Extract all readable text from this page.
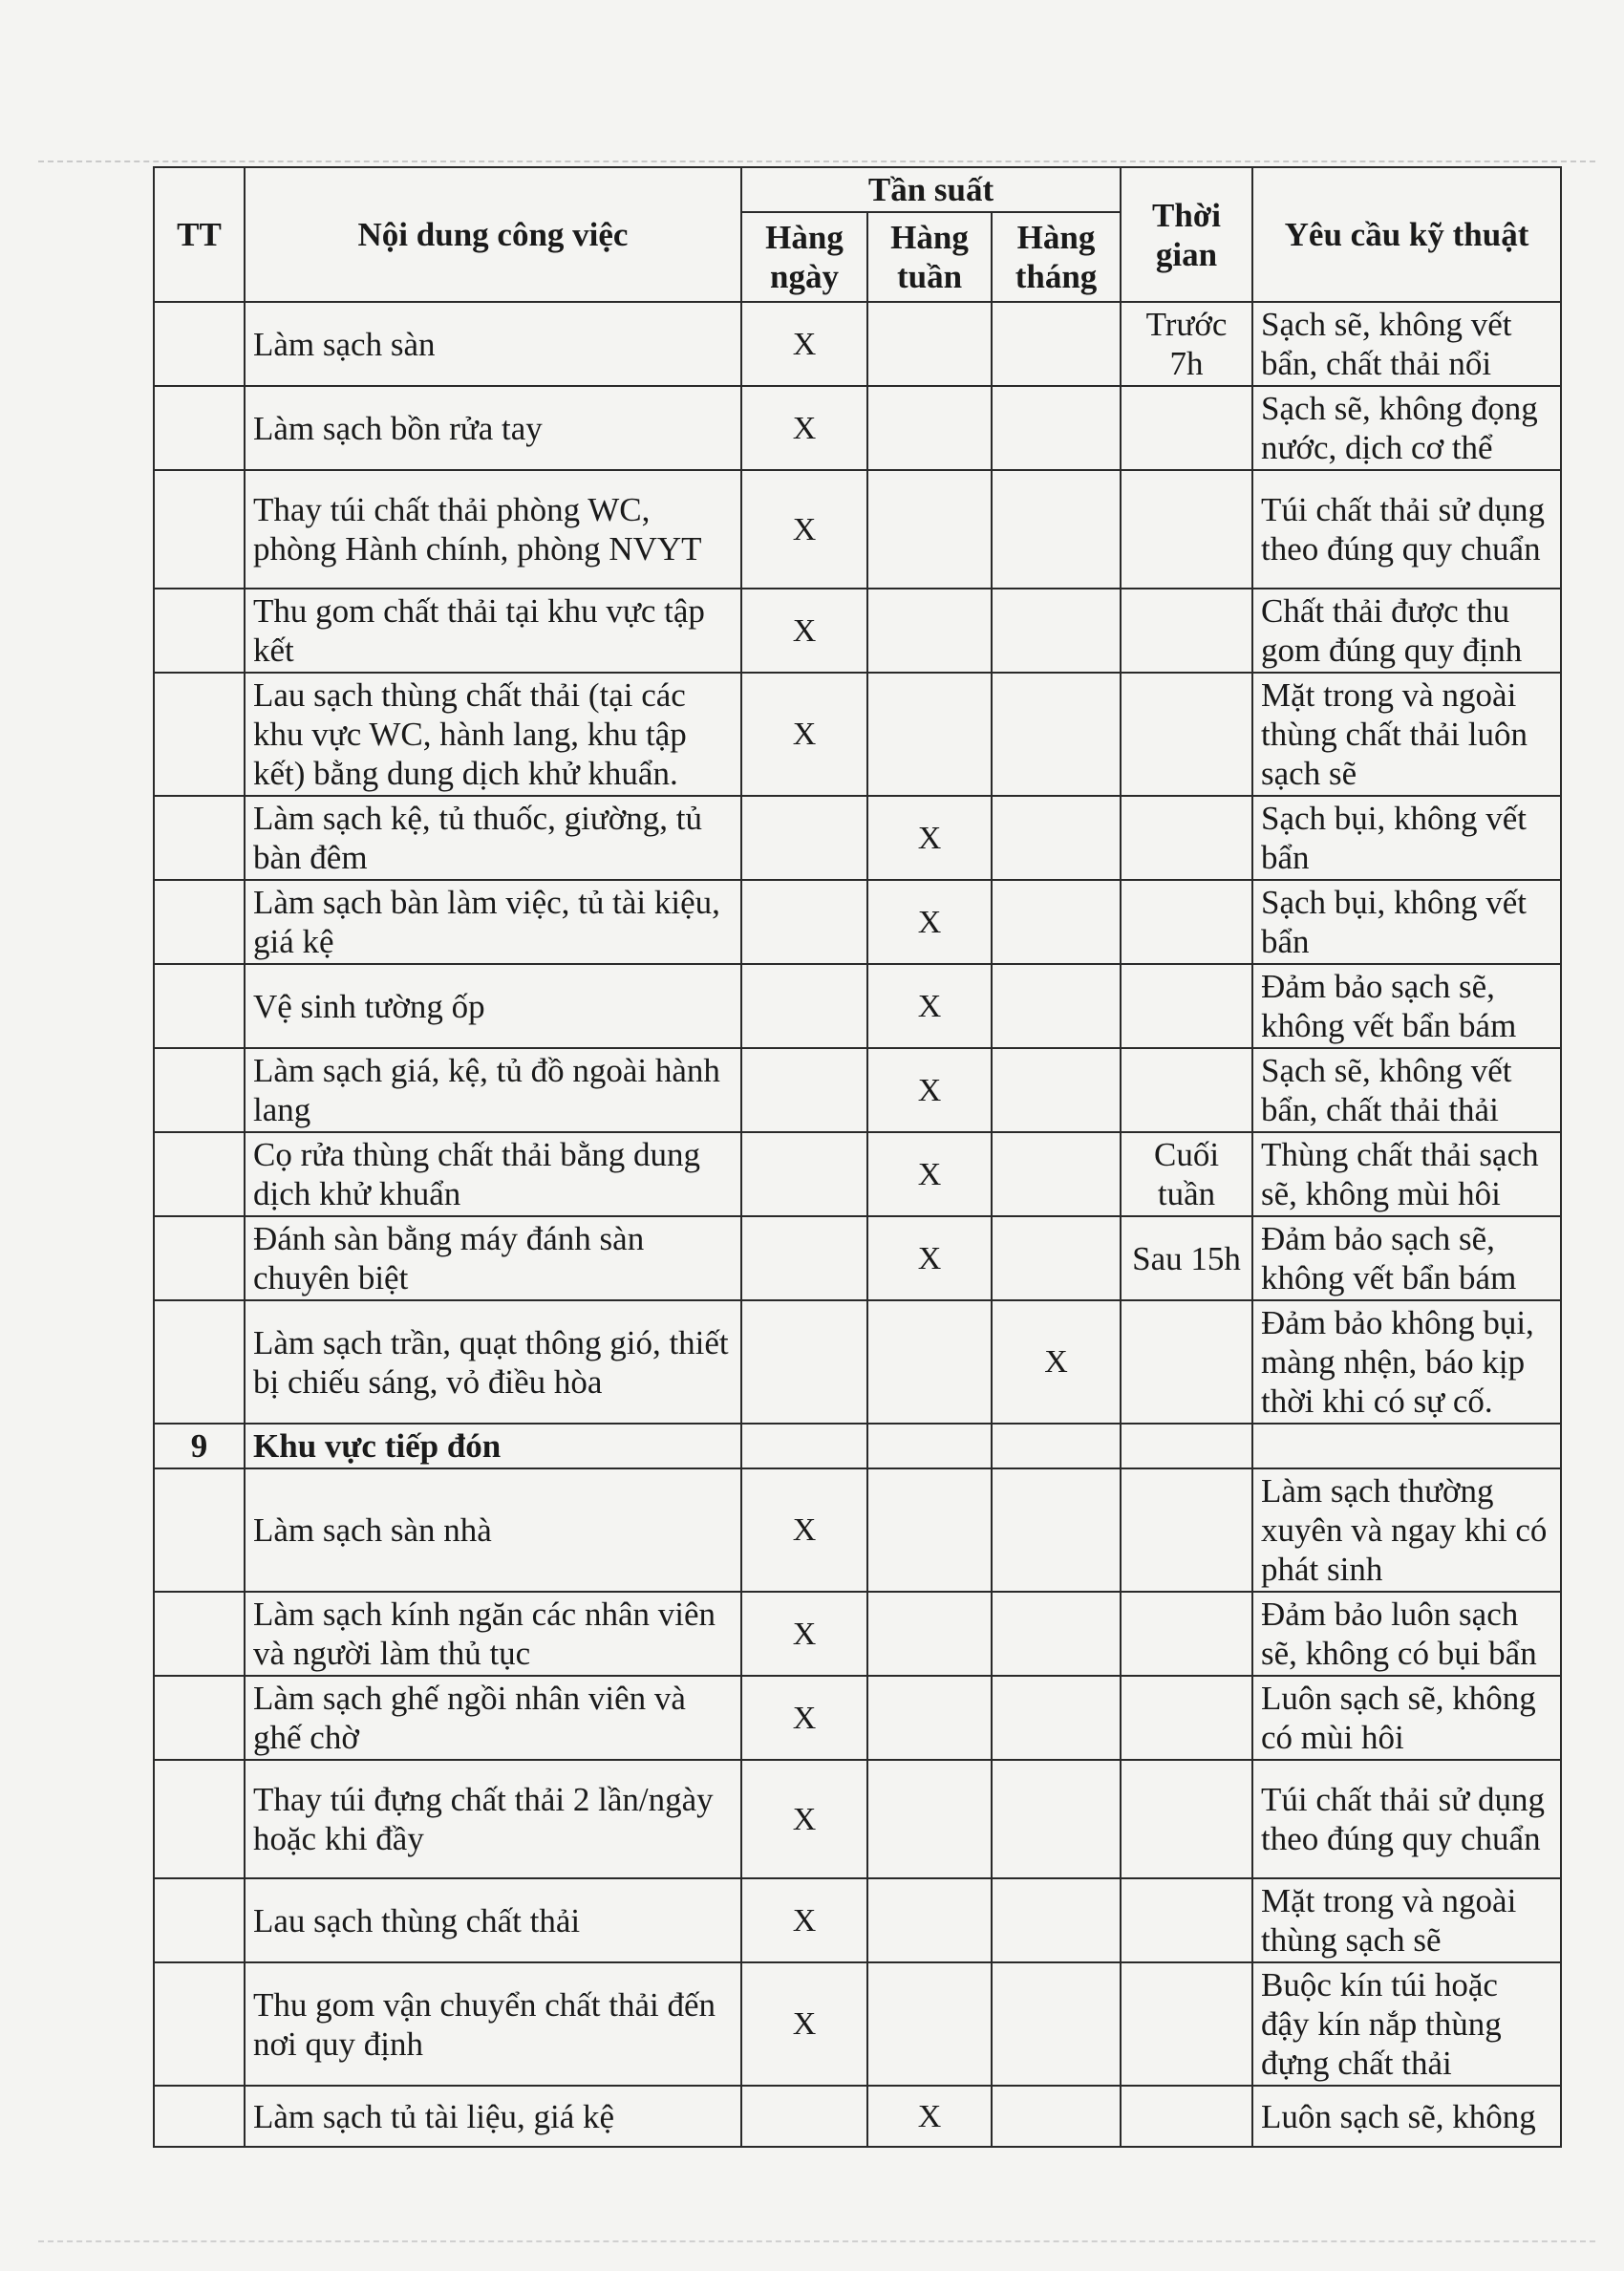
TT	Nội dung công việc	Tần suất			Thời gian	Yêu cầu kỹ thuật
		Hàng ngày	Hàng tuần	Hàng tháng		
	Làm sạch sàn	X			Trước 7h	Sạch sẽ, không vết bẩn, chất thải nổi
	Làm sạch bồn rửa tay	X				Sạch sẽ, không đọng nước, dịch cơ thể
	Thay túi chất thải phòng WC, phòng Hành chính, phòng NVYT	X				Túi chất thải sử dụng theo đúng quy chuẩn
	Thu gom chất thải tại khu vực tập kết	X				Chất thải được thu gom đúng quy định
	Lau sạch thùng chất thải (tại các khu vực WC, hành lang, khu tập kết) bằng dung dịch khử khuẩn.	X				Mặt trong và ngoài thùng chất thải luôn sạch sẽ
	Làm sạch kệ, tủ thuốc, giường, tủ bàn đêm		X			Sạch bụi, không vết bẩn
	Làm sạch bàn làm việc, tủ tài kiệu, giá kệ		X			Sạch bụi, không vết bẩn
	Vệ sinh tường ốp		X			Đảm bảo sạch sẽ, không vết bẩn bám
	Làm sạch giá, kệ, tủ đồ ngoài hành lang		X			Sạch sẽ, không vết bẩn, chất thải thải
	Cọ rửa thùng chất thải bằng dung dịch khử khuẩn		X		Cuối tuần	Thùng chất thải sạch sẽ, không mùi hôi
	Đánh sàn bằng máy đánh sàn chuyên biệt		X		Sau 15h	Đảm bảo sạch sẽ, không vết bẩn bám
	Làm sạch trần, quạt thông gió, thiết bị chiếu sáng, vỏ điều hòa			X		Đảm bảo không bụi, màng nhện, báo kịp thời khi có sự cố.
9	Khu vực tiếp đón					
	Làm sạch sàn nhà	X				Làm sạch thường xuyên và ngay khi có phát sinh
	Làm sạch kính ngăn các nhân viên và người làm thủ tục	X				Đảm bảo luôn sạch sẽ, không có bụi bẩn
	Làm sạch ghế ngồi nhân viên và ghế chờ	X				Luôn sạch sẽ, không có mùi hôi
	Thay túi đựng chất thải 2 lần/ngày hoặc khi đầy	X				Túi chất thải sử dụng theo đúng quy chuẩn
	Lau sạch thùng chất thải	X				Mặt trong và ngoài thùng sạch sẽ
	Thu gom vận chuyển chất thải đến nơi quy định	X				Buộc kín túi hoặc đậy kín nắp thùng đựng chất thải
	Làm sạch tủ tài liệu, giá kệ		X			Luôn sạch sẽ, không
